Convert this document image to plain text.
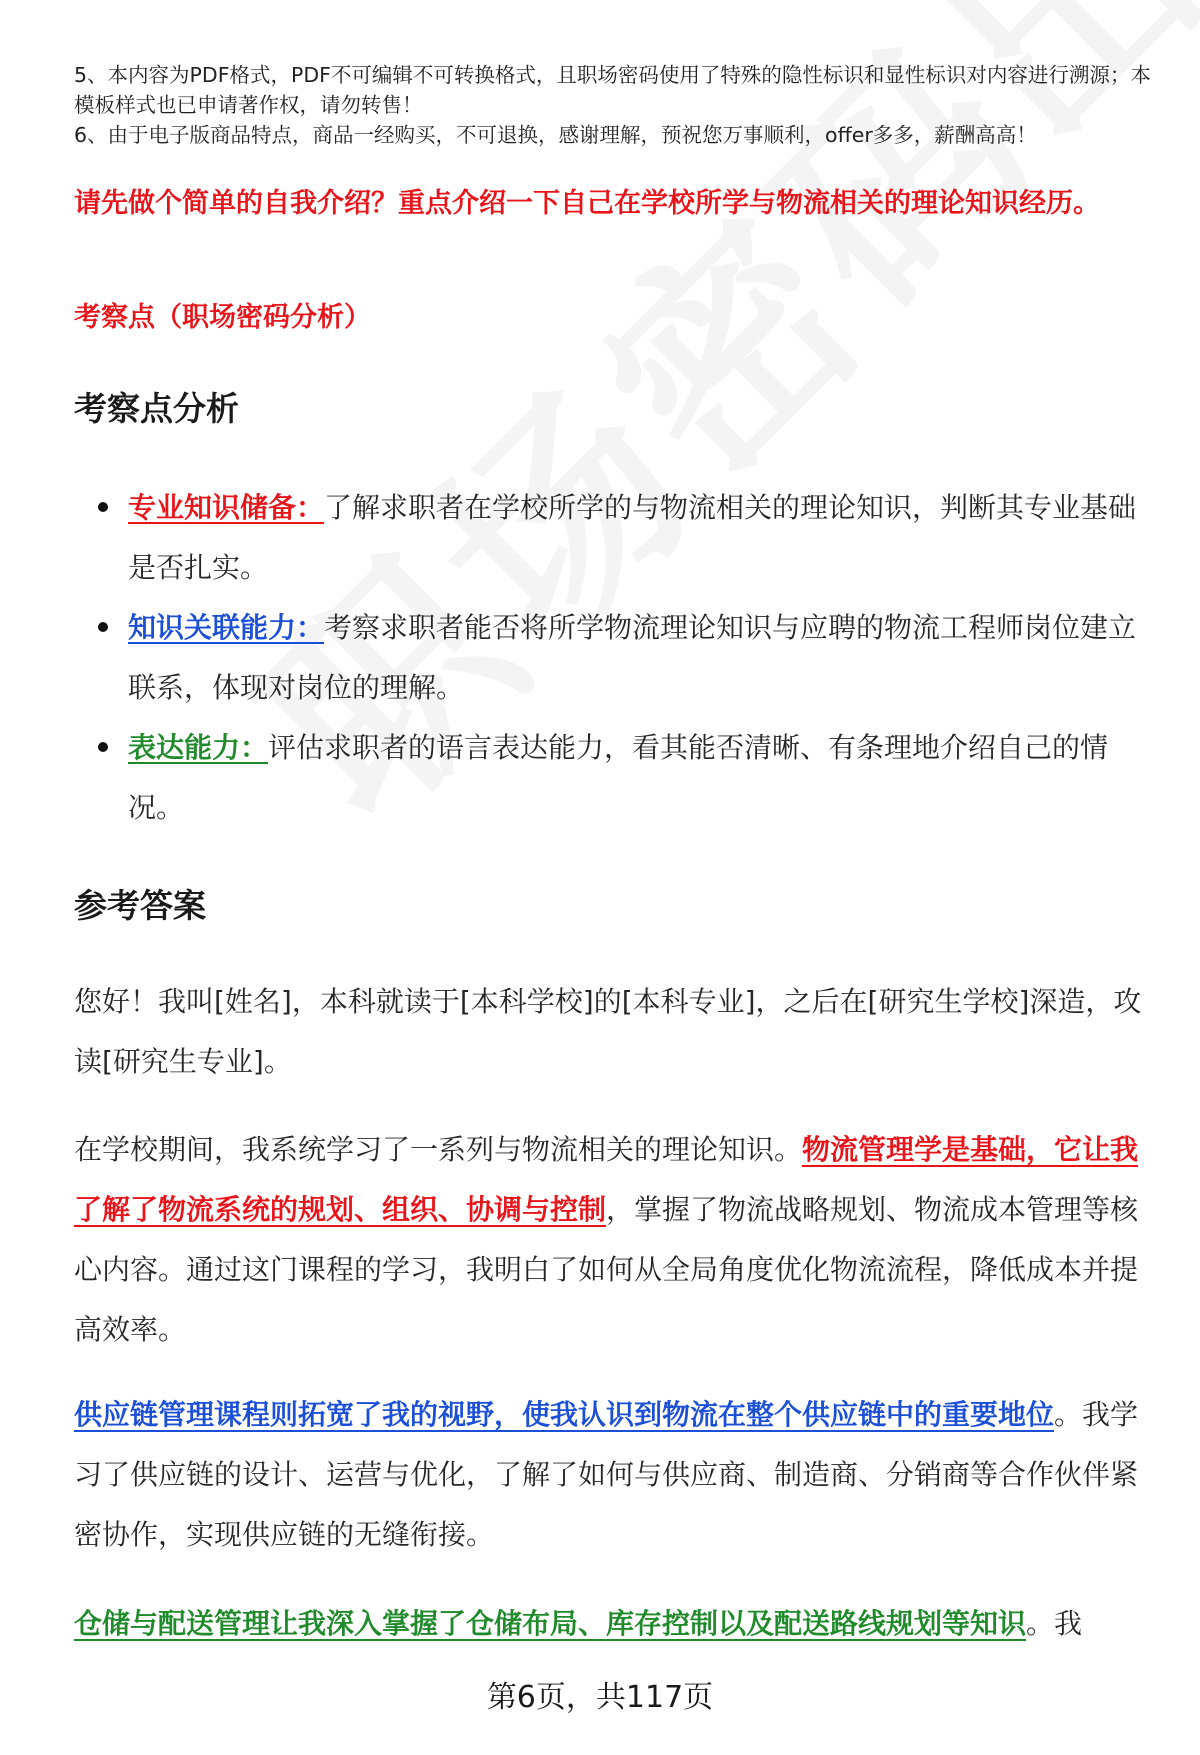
5、本内容为PDF格式，PDF不可编辑不可转换格式，且职场密码使用了特殊的隐性标识和显性标识对内容进行溯源；本模板样式也已申请著作权，请勿转售！

6、由于电子版商品特点，商品一经购买，不可退换，感谢理解，预祝您万事顺利，offer多多，薪酬高高！

请先做个简单的自我介绍？重点介绍一下自己在学校所学与物流相关的理论知识经历。
考察点（职场密码分析）
考察点分析
专业知识储备：了解求职者在学校所学的与物流相关的理论知识，判断其专业基础是否扎实。
知识关联能力：考察求职者能否将所学物流理论知识与应聘的物流工程师岗位建立联系，体现对岗位的理解。
表达能力：评估求职者的语言表达能力，看其能否清晰、有条理地介绍自己的情况。
参考答案

您好！我叫[姓名]，本科就读于[本科学校]的[本科专业]，之后在[研究生学校]深造，攻读[研究生专业]。

在学校期间，我系统学习了一系列与物流相关的理论知识。物流管理学是基础，它让我了解了物流系统的规划、组织、协调与控制，掌握了物流战略规划、物流成本管理等核心内容。通过这门课程的学习，我明白了如何从全局角度优化物流流程，降低成本并提高效率。

供应链管理课程则拓宽了我的视野，使我认识到物流在整个供应链中的重要地位。我学习了供应链的设计、运营与优化，了解了如何与供应商、制造商、分销商等合作伙伴紧密协作，实现供应链的无缝衔接。

仓储与配送管理让我深入掌握了仓储布局、库存控制以及配送路线规划等知识。我

第6页，共117页
